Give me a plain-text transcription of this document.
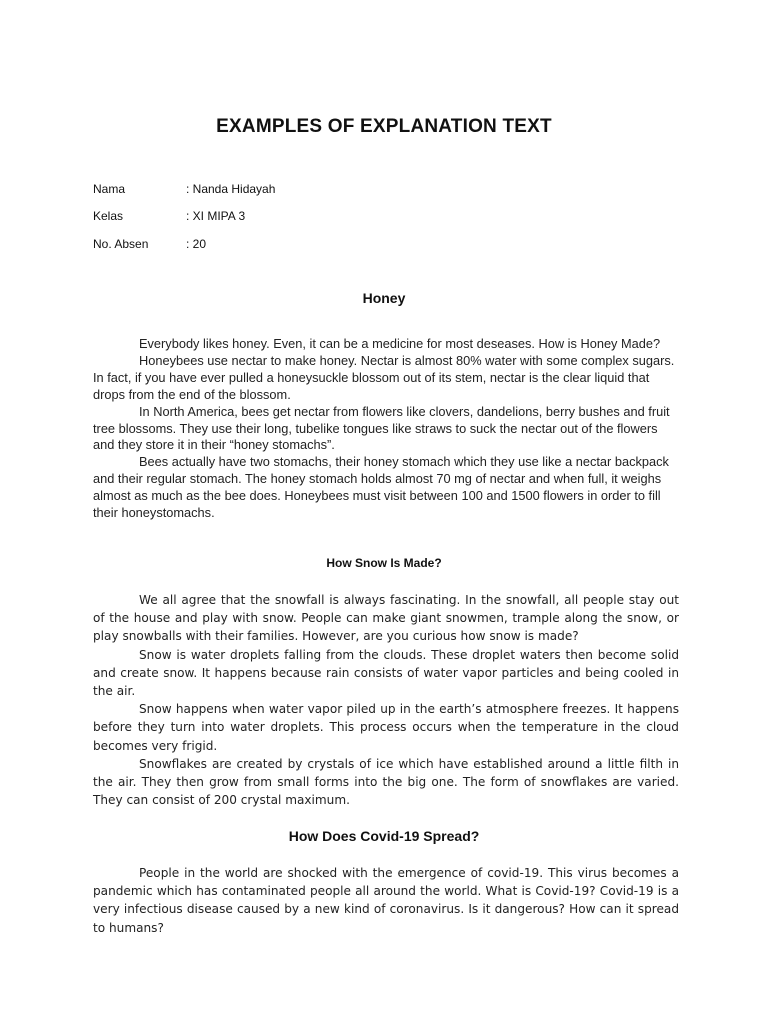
EXAMPLES OF EXPLANATION TEXT
Nama	: Nanda Hidayah
Kelas	: XI MIPA 3
No. Absen	: 20
Honey

Everybody likes honey. Even, it can be a medicine for most deseases. How is Honey Made?

Honeybees use nectar to make honey. Nectar is almost 80% water with some complex sugars. In fact, if you have ever pulled a honeysuckle blossom out of its stem, nectar is the clear liquid that drops from the end of the blossom.

In North America, bees get nectar from flowers like clovers, dandelions, berry bushes and fruit tree blossoms. They use their long, tubelike tongues like straws to suck the nectar out of the flowers and they store it in their “honey stomachs”.

Bees actually have two stomachs, their honey stomach which they use like a nectar backpack and their regular stomach. The honey stomach holds almost 70 mg of nectar and when full, it weighs almost as much as the bee does. Honeybees must visit between 100 and 1500 flowers in order to fill their honeystomachs.

How Snow Is Made?

We all agree that the snowfall is always fascinating. In the snowfall, all people stay out of the house and play with snow. People can make giant snowmen, trample along the snow, or play snowballs with their families. However, are you curious how snow is made?

Snow is water droplets falling from the clouds. These droplet waters then become solid and create snow. It happens because rain consists of water vapor particles and being cooled in the air.

Snow happens when water vapor piled up in the earth’s atmosphere freezes. It happens before they turn into water droplets. This process occurs when the temperature in the cloud becomes very frigid.

Snowflakes are created by crystals of ice which have established around a little filth in the air. They then grow from small forms into the big one. The form of snowflakes are varied. They can consist of 200 crystal maximum.

How Does Covid-19 Spread?

People in the world are shocked with the emergence of covid-19. This virus becomes a pandemic which has contaminated people all around the world. What is Covid-19? Covid-19 is a very infectious disease caused by a new kind of coronavirus. Is it dangerous? How can it spread to humans?
